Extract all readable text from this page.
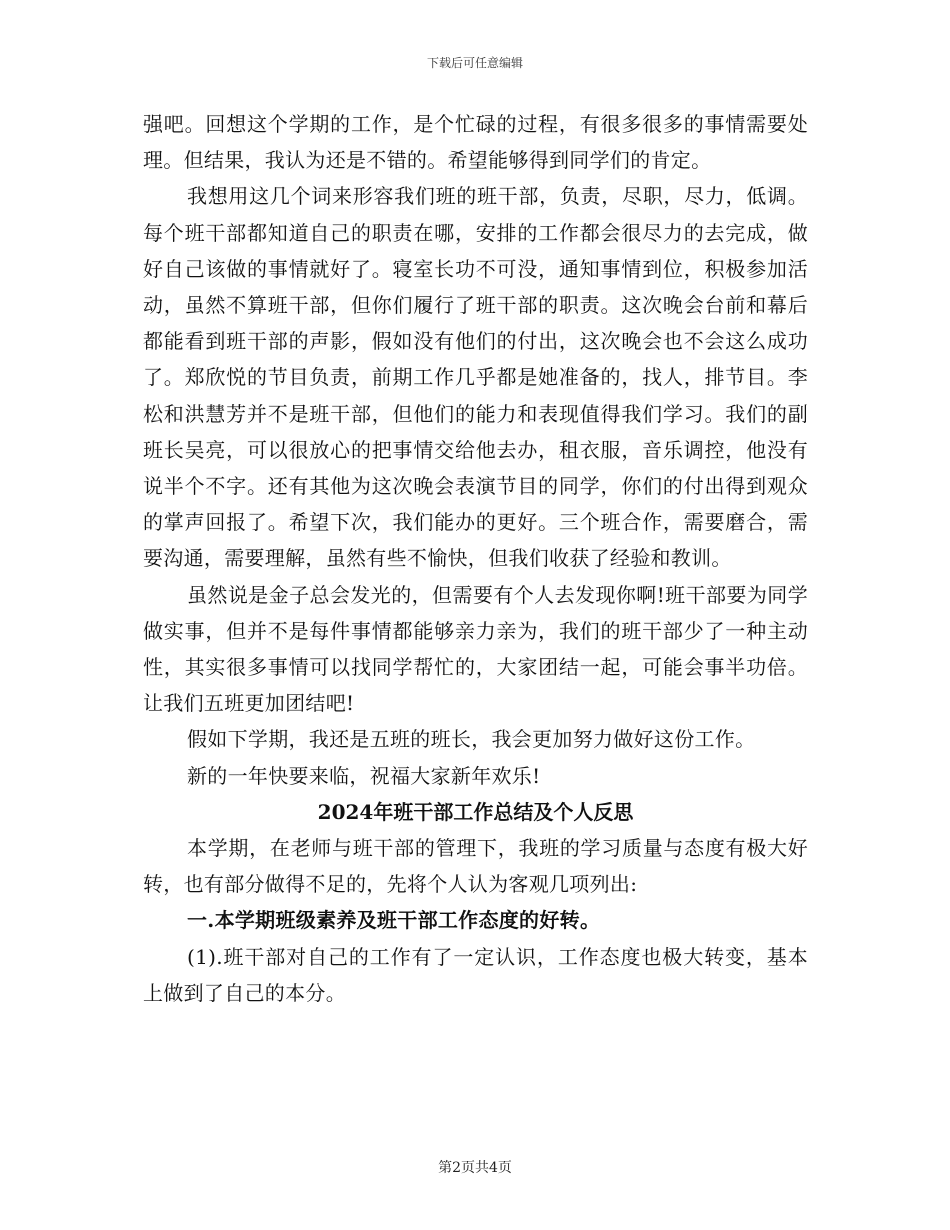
下载后可任意编辑

强吧。回想这个学期的工作，是个忙碌的过程，有很多很多的事情需要处理。但结果，我认为还是不错的。希望能够得到同学们的肯定。

我想用这几个词来形容我们班的班干部，负责，尽职，尽力，低调。每个班干部都知道自己的职责在哪，安排的工作都会很尽力的去完成，做好自己该做的事情就好了。寝室长功不可没，通知事情到位，积极参加活动，虽然不算班干部，但你们履行了班干部的职责。这次晚会台前和幕后都能看到班干部的声影，假如没有他们的付出，这次晚会也不会这么成功了。郑欣悦的节目负责，前期工作几乎都是她准备的，找人，排节目。李松和洪慧芳并不是班干部，但他们的能力和表现值得我们学习。我们的副班长吴亮，可以很放心的把事情交给他去办，租衣服，音乐调控，他没有说半个不字。还有其他为这次晚会表演节目的同学，你们的付出得到观众的掌声回报了。希望下次，我们能办的更好。三个班合作，需要磨合，需要沟通，需要理解，虽然有些不愉快，但我们收获了经验和教训。

虽然说是金子总会发光的，但需要有个人去发现你啊!班干部要为同学做实事，但并不是每件事情都能够亲力亲为，我们的班干部少了一种主动性，其实很多事情可以找同学帮忙的，大家团结一起，可能会事半功倍。让我们五班更加团结吧!

假如下学期，我还是五班的班长，我会更加努力做好这份工作。

新的一年快要来临，祝福大家新年欢乐!

2024年班干部工作总结及个人反思

本学期，在老师与班干部的管理下，我班的学习质量与态度有极大好转，也有部分做得不足的，先将个人认为客观几项列出:

一.本学期班级素养及班干部工作态度的好转。

(1).班干部对自己的工作有了一定认识，工作态度也极大转变，基本上做到了自己的本分。

第2页共4页
